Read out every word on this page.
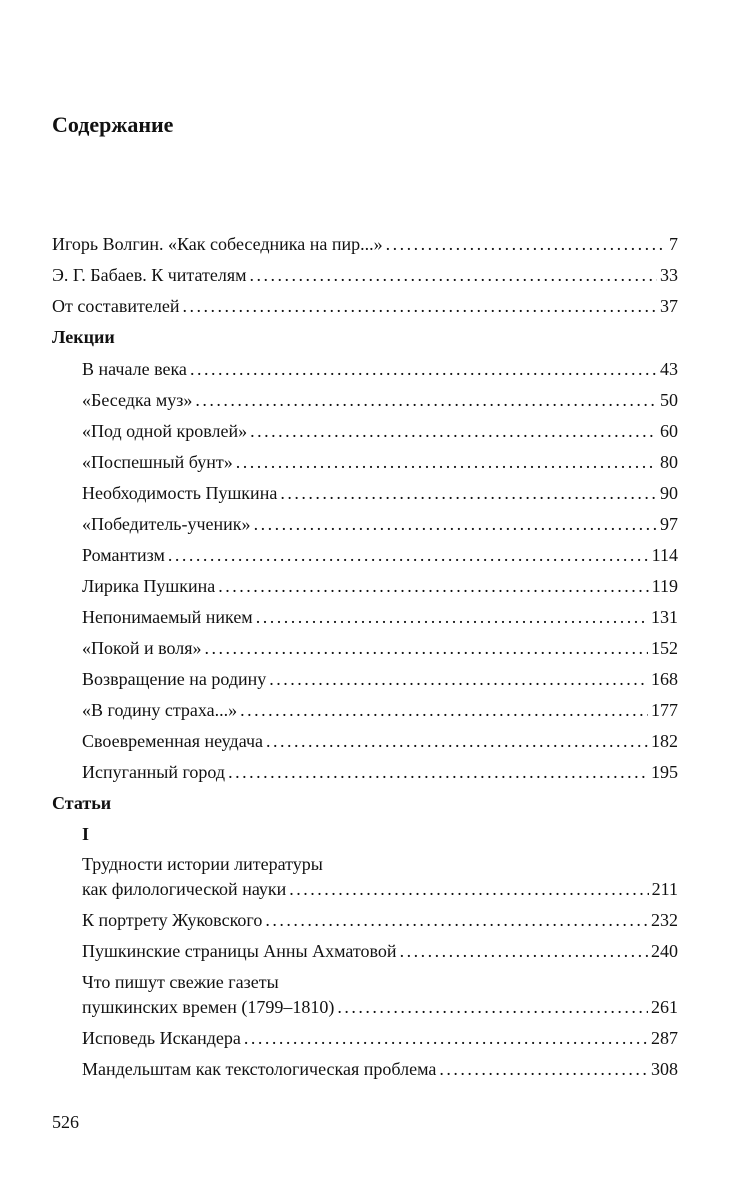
Содержание
Игорь Волгин. «Как собеседника на пир...» . . .	7
Э. Г. Бабаев. К читателям . . .	33
От составителей . . .	37
Лекции
В начале века . . .	43
«Беседка муз» . . .	50
«Под одной кровлей» . . .	60
«Поспешный бунт» . . .	80
Необходимость Пушкина . . .	90
«Победитель-ученик» . . .	97
Романтизм . . .	114
Лирика Пушкина . . .	119
Непонимаемый никем . . .	131
«Покой и воля» . . .	152
Возвращение на родину . . .	168
«В годину страха...» . . .	177
Своевременная неудача . . .	182
Испуганный город . . .	195
Статьи
I
Трудности истории литературы
как филологической науки . . .	211
К портрету Жуковского . . .	232
Пушкинские страницы Анны Ахматовой . . .	240
Что пишут свежие газеты
пушкинских времен (1799–1810) . . .	261
Исповедь Искандера . . .	287
Мандельштам как текстологическая проблема . . .	308
526
